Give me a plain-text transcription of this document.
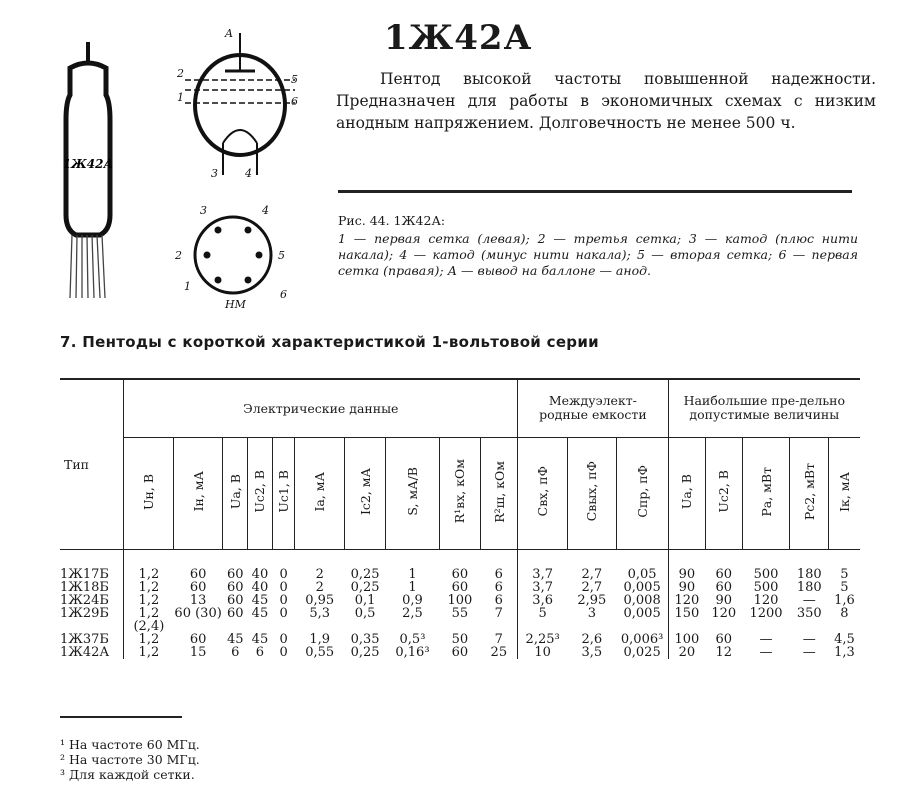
1Ж42А
A
2
1
5
6
3 4
3	4
2	5
1
6
НМ
1Ж42А
Пентод высокой частоты повышенной надежности. Предназначен для работы в экономичных схемах с низким анодным напряжением. Долговечность не менее 500 ч.
Рис. 44. 1Ж42А:
1 — первая сетка (левая); 2 — третья сетка; 3 — катод (плюс нити накала); 4 — катод (минус нити накала); 5 — вторая сетка; 6 — первая сетка (правая); А — вывод на баллоне — анод.
7. Пентоды с короткой характеристикой 1-вольтовой серии
Тип	Электрические данные										Междуэлект-родные емкости			Наибольшие пре-дельно допустимые величины				
	Uн, В	Iн, мА	Uа, В	Uc2, В	Uc1, В	Iа, мА	Ic2, мА	S, мА/В	R¹вх, кОм	R²ш, кОм	Свх, пФ	Свых, пФ	Спр, пФ	Uа, В	Uc2, В	Pа, мВт	Pc2, мВт	Iк, мА
1Ж17Б	1,2	60	60	40	0	2	0,25	1	60	6	3,7	2,7	0,05	90	60	500	180	5
1Ж18Б	1,2	60	60	40	0	2	0,25	1	60	6	3,7	2,7	0,005	90	60	500	180	5
1Ж24Б	1,2	13	60	45	0	0,95	0,1	0,9	100	6	3,6	2,95	0,008	120	90	120	—	1,6
1Ж29Б	1,2 (2,4)	60 (30)	60	45	0	5,3	0,5	2,5	55	7	5	3	0,005	150	120	1200	350	8
1Ж37Б	1,2	60	45	45	0	1,9	0,35	0,5³	50	7	2,25³	2,6	0,006³	100	60	—	—	4,5
1Ж42А	1,2	15	6	6	0	0,55	0,25	0,16³	60	25	10	3,5	0,025	20	12	—	—	1,3
¹ На частоте 60 МГц.
² На частоте 30 МГц.
³ Для каждой сетки.
